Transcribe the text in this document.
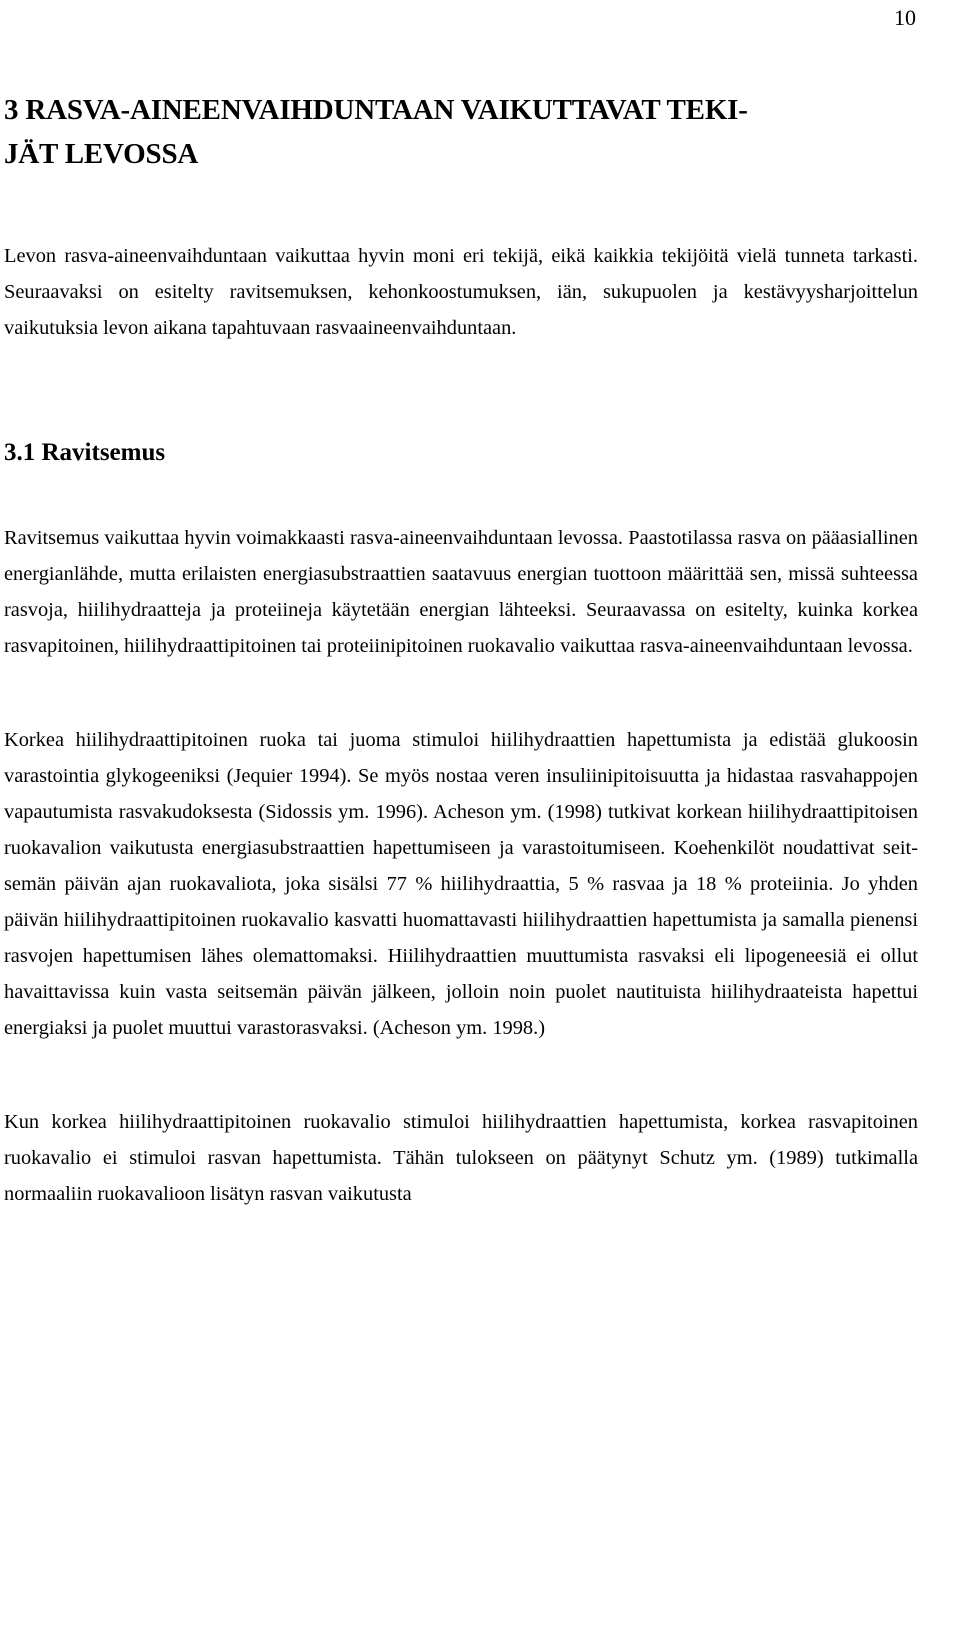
10
3 RASVA-AINEENVAIHDUNTAAN VAIKUTTAVAT TEKI-
JÄT LEVOSSA

Levon rasva-aineenvaihduntaan vaikuttaa hyvin moni eri tekijä, eikä kaikkia tekijöitä vielä tunneta tarkasti. Seuraavaksi on esitelty ravitsemuksen, kehonkoostumuksen, iän, sukupuolen ja kestävyysharjoittelun vaikutuksia levon aikana tapahtuvaan rasvaaineenvaihduntaan.

3.1 Ravitsemus

Ravitsemus vaikuttaa hyvin voimakkaasti rasva-aineenvaihduntaan levossa. Paastotilassa rasva on pääasiallinen energianlähde, mutta erilaisten energiasubstraattien saatavuus energian tuottoon määrittää sen, missä suhteessa rasvoja, hiilihydraatteja ja proteiineja käytetään energian lähteeksi. Seuraavassa on esitelty, kuinka korkea rasvapitoinen, hiilihydraattipitoinen tai proteiinipitoinen ruokavalio vaikuttaa rasva-aineenvaihduntaan levossa.

Korkea hiilihydraattipitoinen ruoka tai juoma stimuloi hiilihydraattien hapettumista ja edistää glukoosin varastointia glykogeeniksi (Jequier 1994). Se myös nostaa veren insuliinipitoisuutta ja hidastaa rasvahappojen vapautumista rasvakudoksesta (Sidossis ym. 1996). Acheson ym. (1998) tutkivat korkean hiilihydraattipitoisen ruokavalion vaikutusta energiasubstraattien hapettumiseen ja varastoitumiseen. Koehenkilöt noudattivat seitsemän päivän ajan ruokavaliota, joka sisälsi 77 % hiilihydraattia, 5 % rasvaa ja 18 % proteiinia. Jo yhden päivän hiilihydraattipitoinen ruokavalio kasvatti huomattavasti hiilihydraattien hapettumista ja samalla pienensi rasvojen hapettumisen lähes olemattomaksi. Hiilihydraattien muuttumista rasvaksi eli lipogeneesiä ei ollut havaittavissa kuin vasta seitsemän päivän jälkeen, jolloin noin puolet nautituista hiilihydraateista hapettui energiaksi ja puolet muuttui varastorasvaksi. (Acheson ym. 1998.)

Kun korkea hiilihydraattipitoinen ruokavalio stimuloi hiilihydraattien hapettumista, korkea rasvapitoinen ruokavalio ei stimuloi rasvan hapettumista. Tähän tulokseen on päätynyt Schutz ym. (1989) tutkimalla normaaliin ruokavalioon lisätyn rasvan vaikutusta
